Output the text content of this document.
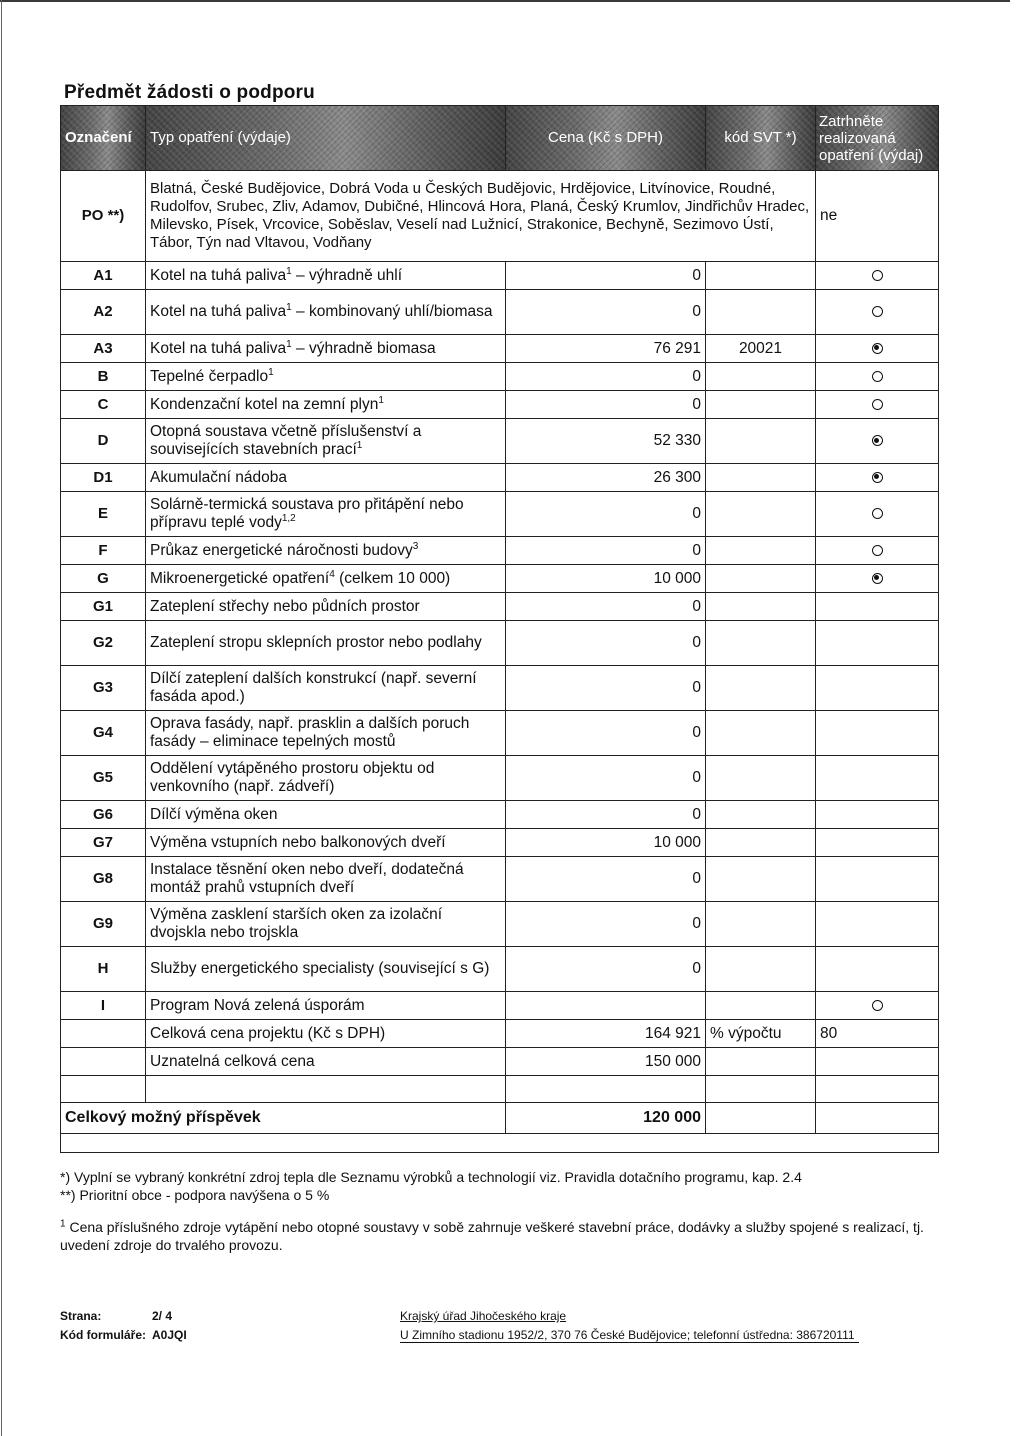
Předmět žádosti o podporu
Označení	Typ opatření (výdaje)	Cena (Kč s DPH)	kód SVT *)	Zatrhněte realizovaná opatření (výdaj)
PO **)	Blatná, České Budějovice, Dobrá Voda u Českých Budějovic, Hrdějovice, Litvínovice, Roudné, Rudolfov, Srubec, Zliv, Adamov, Dubičné, Hlincová Hora, Planá, Český Krumlov, Jindřichův Hradec, Milevsko, Písek, Vrcovice, Soběslav, Veselí nad Lužnicí, Strakonice, Bechyně, Sezimovo Ústí, Tábor, Týn nad Vltavou, Vodňany			ne
A1	Kotel na tuhá paliva$^1$ – výhradně uhlí	0		
A2	Kotel na tuhá paliva$^1$ – kombinovaný uhlí/biomasa	0		
A3	Kotel na tuhá paliva$^1$ – výhradně biomasa	76 291	20021	
B	Tepelné čerpadlo$^1$	0		
C	Kondenzační kotel na zemní plyn$^1$	0		
D	Otopná soustava včetně příslušenství a souvisejících stavebních prací$^1$	52 330		
D1	Akumulační nádoba	26 300		
E	Solárně-termická soustava pro přitápění nebo přípravu teplé vody$^{1,2}$	0		
F	Průkaz energetické náročnosti budovy$^3$	0		
G	Mikroenergetické opatření$^4$ (celkem 10 000)	10 000		
G1	Zateplení střechy nebo půdních prostor	0		
G2	Zateplení stropu sklepních prostor nebo podlahy	0		
G3	Dílčí zateplení dalších konstrukcí (např. severní fasáda apod.)	0		
G4	Oprava fasády, např. prasklin a dalších poruch fasády – eliminace tepelných mostů	0		
G5	Oddělení vytápěného prostoru objektu od venkovního (např. zádveří)	0		
G6	Dílčí výměna oken	0		
G7	Výměna vstupních nebo balkonových dveří	10 000		
G8	Instalace těsnění oken nebo dveří, dodatečná montáž prahů vstupních dveří	0		
G9	Výměna zasklení starších oken za izolační dvojskla nebo trojskla	0		
H	Služby energetického specialisty (související s G)	0		
I	Program Nová zelená úsporám			
	Celková cena projektu (Kč s DPH)	164 921	% výpočtu	80
	Uznatelná celková cena	150 000		

Celkový možný příspěvek		120 000		

*) Vyplní se vybraný konkrétní zdroj tepla dle Seznamu výrobků a technologií viz. Pravidla dotačního programu, kap. 2.4

**) Prioritní obce - podpora navýšena o 5 %

$^1$ Cena příslušného zdroje vytápění nebo otopné soustavy v sobě zahrnuje veškeré stavební práce, dodávky a služby spojené s realizací, tj. uvedení zdroje do trvalého provozu.

Strana:	2/ 4
Kód formuláře: A0JQI
Krajský úřad Jihočeského kraje
U Zimního stadionu 1952/2, 370 76 České Budějovice; telefonní ústředna: 386720111
